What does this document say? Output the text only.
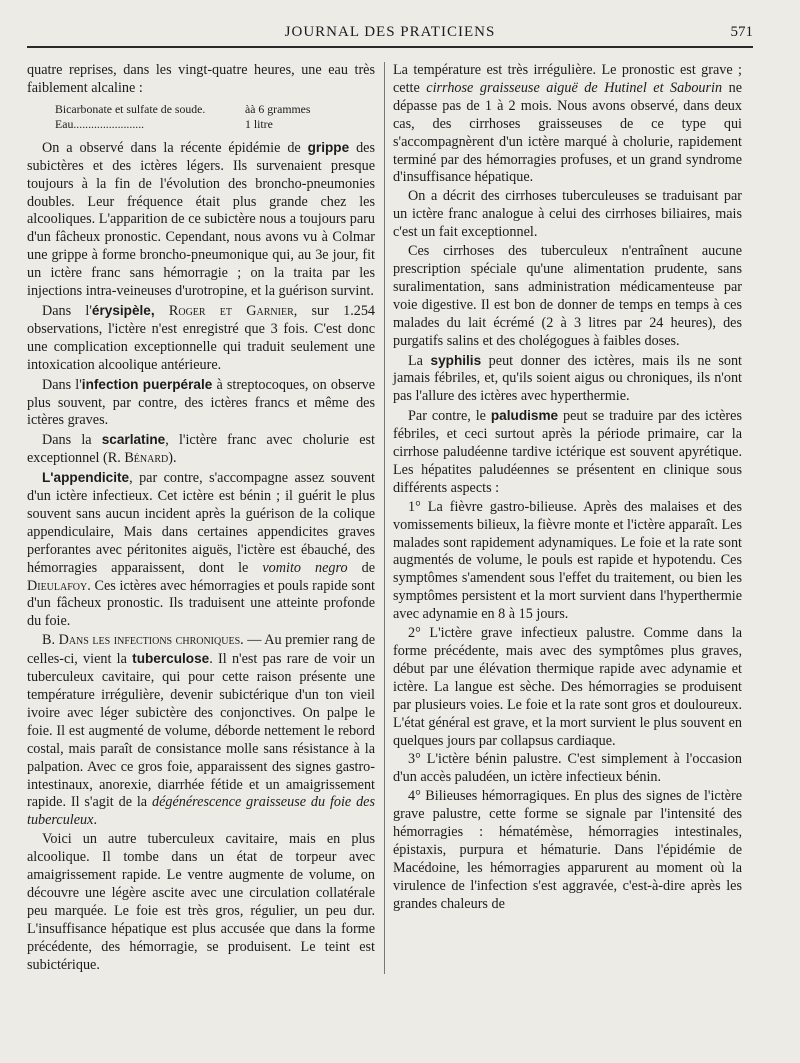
JOURNAL DES PRATICIENS	571

quatre reprises, dans les vingt-quatre heures, une eau très faiblement alcaline :

Bicarbonate et sulfate de soude.	àà 6 grammes
Eau........................	1 litre

On a observé dans la récente épidémie de grippe des subictères et des ictères légers. Ils survenaient presque toujours à la fin de l'évolution des broncho-pneumonies doubles. Leur fréquence était plus grande chez les alcooliques. L'apparition de ce subictère nous a toujours paru d'un fâcheux pronostic. Cependant, nous avons vu à Colmar une grippe à forme broncho-pneumonique qui, au 3e jour, fit un ictère franc sans hémorragie ; on la traita par les injections intra-veineuses d'urotropine, et la guérison survint.

Dans l'érysipèle, Roger et Garnier, sur 1.254 observations, l'ictère n'est enregistré que 3 fois. C'est donc une complication exceptionnelle qui traduit seulement une intoxication alcoolique antérieure.

Dans l'infection puerpérale à streptocoques, on observe plus souvent, par contre, des ictères francs et même des ictères graves.

Dans la scarlatine, l'ictère franc avec cholurie est exceptionnel (R. Bénard).

L'appendicite, par contre, s'accompagne assez souvent d'un ictère infectieux. Cet ictère est bénin ; il guérit le plus souvent sans aucun incident après la guérison de la colique appendiculaire, Mais dans certaines appendicites graves perforantes avec péritonites aiguës, l'ictère est ébauché, des hémorragies apparaissent, dont le vomito negro de Dieulafoy. Ces ictères avec hémorragies et pouls rapide sont d'un fâcheux pronostic. Ils traduisent une atteinte profonde du foie.

B. Dans les infections chroniques. — Au premier rang de celles-ci, vient la tuberculose. Il n'est pas rare de voir un tuberculeux cavitaire, qui pour cette raison présente une température irrégulière, devenir subictérique d'un ton vieil ivoire avec léger subictère des conjonctives. On palpe le foie. Il est augmenté de volume, déborde nettement le rebord costal, mais paraît de consistance molle sans résistance à la palpation. Avec ce gros foie, apparaissent des signes gastro-intestinaux, anorexie, diarrhée fétide et un amaigrissement rapide. Il s'agit de la dégénérescence graisseuse du foie des tuberculeux.

Voici un autre tuberculeux cavitaire, mais en plus alcoolique. Il tombe dans un état de torpeur avec amaigrissement rapide. Le ventre augmente de volume, on découvre une légère ascite avec une circulation collatérale peu marquée. Le foie est très gros, régulier, un peu dur. L'insuffisance hépatique est plus accusée que dans la forme précédente, des hémorragie, se produisent. Le teint est subictérique.

La température est très irrégulière. Le pronostic est grave ; cette cirrhose graisseuse aiguë de Hutinel et Sabourin ne dépasse pas de 1 à 2 mois. Nous avons observé, dans deux cas, des cirrhoses graisseuses de ce type qui s'accompagnèrent d'un ictère marqué à cholurie, rapidement terminé par des hémorragies profuses, et un grand syndrome d'insuffisance hépatique.

On a décrit des cirrhoses tuberculeuses se traduisant par un ictère franc analogue à celui des cirrhoses biliaires, mais c'est un fait exceptionnel.

Ces cirrhoses des tuberculeux n'entraînent aucune prescription spéciale qu'une alimentation prudente, sans suralimentation, sans administration médicamenteuse par voie digestive. Il est bon de donner de temps en temps à ces malades du lait écrémé (2 à 3 litres par 24 heures), des purgatifs salins et des cholégogues à faibles doses.

La syphilis peut donner des ictères, mais ils ne sont jamais fébriles, et, qu'ils soient aigus ou chroniques, ils n'ont pas l'allure des ictères avec hyperthermie.

Par contre, le paludisme peut se traduire par des ictères fébriles, et ceci surtout après la période primaire, car la cirrhose paludéenne tardive ictérique est souvent apyrétique. Les hépatites paludéennes se présentent en clinique sous différents aspects :

1° La fièvre gastro-bilieuse. Après des malaises et des vomissements bilieux, la fièvre monte et l'ictère apparaît. Les malades sont rapidement adynamiques. Le foie et la rate sont augmentés de volume, le pouls est rapide et hypotendu. Ces symptômes s'amendent sous l'effet du traitement, ou bien les symptômes persistent et la mort survient dans l'hyperthermie avec adynamie en 8 à 15 jours.

2° L'ictère grave infectieux palustre. Comme dans la forme précédente, mais avec des symptômes plus graves, début par une élévation thermique rapide avec adynamie et ictère. La langue est sèche. Des hémorragies se produisent par plusieurs voies. Le foie et la rate sont gros et douloureux. L'état général est grave, et la mort survient le plus souvent en quelques jours par collapsus cardiaque.

3° L'ictère bénin palustre. C'est simplement à l'occasion d'un accès paludéen, un ictère infectieux bénin.

4° Bilieuses hémorragiques. En plus des signes de l'ictère grave palustre, cette forme se signale par l'intensité des hémorragies : hématémèse, hémorragies intestinales, épistaxis, purpura et hématurie. Dans l'épidémie de Macédoine, les hémorragies apparurent au moment où la virulence de l'infection s'est aggravée, c'est-à-dire après les grandes chaleurs de
